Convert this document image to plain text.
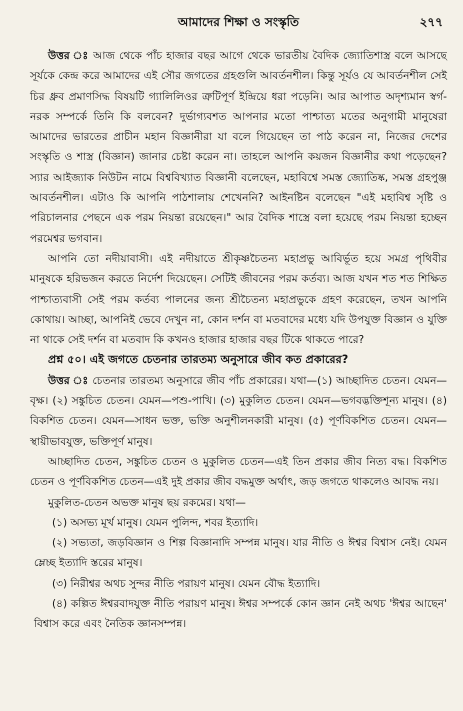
আমাদের শিক্ষা ও সংস্কৃতি	২৭৭

উত্তর ঃ আজ থেকে পাঁচ হাজার বছর আগে থেকে ভারতীয় বৈদিক জ্যোতিশাস্ত্র বলে আসছে সূর্যকে কেন্দ্র করে আমাদের এই সৌর জগতের গ্রহগুলি আবর্তনশীল। কিন্তু সূর্যও যে আবর্তনশীল সেই চির ধ্রুব প্রমাণসিদ্ধ বিষয়টি গ্যালিলিওর ত্রুটিপূর্ণ ইন্দ্রিয়ে ধরা পড়েনি। আর আপাত অদৃশ্যমান স্বর্গ-নরক সম্পর্কে তিনি কি বলবেন? দুর্ভাগ্যবশত আপনার মতো পাশ্চাত্য মতের অনুগামী মানুষেরা আমাদের ভারতের প্রাচীন মহান বিজ্ঞানীরা যা বলে গিয়েছেন তা পাঠ করেন না, নিজের দেশের সংস্কৃতি ও শাস্ত্র (বিজ্ঞান) জানার চেষ্টা করেন না। তাহলে আপনি কয়জন বিজ্ঞানীর কথা পড়েছেন? স্যার আইজ্যাক নিউটন নামে বিশ্ববিখ্যাত বিজ্ঞানী বলেছেন, মহাবিশ্বে সমস্ত জ্যোতিষ্ক, সমস্ত গ্রহপুঞ্জ আবর্তনশীল। এটাও কি আপনি পাঠশালায় শেখেননি? আইনষ্টিন বলেছেন "এই মহাবিশ্ব সৃষ্টি ও পরিচালনার পেছনে এক পরম নিয়ন্তা রয়েছেন।" আর বৈদিক শাস্ত্রে বলা হয়েছে পরম নিয়ন্তা হচ্ছেন পরমেশ্বর ভগবান।

আপনি তো নদীয়াবাসী। এই নদীয়াতে শ্রীকৃষ্ণচৈতন্য মহাপ্রভু আবির্ভূত হয়ে সমগ্র পৃথিবীর মানুষকে হরিভজন করতে নির্দেশ দিয়েছেন। সেটিই জীবনের পরম কর্তব্য। আজ যখন শত শত শিক্ষিত পাশ্চাত্যবাসী সেই পরম কর্তব্য পালনের জন্য শ্রীচৈতন্য মহাপ্রভুকে গ্রহণ করেছেন, তখন আপনি কোথায়। আচ্ছা, আপনিই ভেবে দেখুন না, কোন দর্শন বা মতবাদের মধ্যে যদি উপযুক্ত বিজ্ঞান ও যুক্তি না থাকে সেই দর্শন বা মতবাদ কি কখনও হাজার হাজার বছর টিকে থাকতে পারে?

প্রশ্ন ৫০। এই জগতে চেতনার তারতম্য অনুসারে জীব কত প্রকারের?

উত্তর ঃ চেতনার তারতম্য অনুসারে জীব পাঁচ প্রকারের। যথা—(১) আচ্ছাদিত চেতন। যেমন—বৃক্ষ। (২) সঙ্কুচিত চেতন। যেমন—পশু-পাখি। (৩) মুকুলিত চেতন। যেমন—ভগবদ্ভক্তিশূন্য মানুষ। (৪) বিকশিত চেতন। যেমন—সাধন ভক্ত, ভক্তি অনুশীলনকারী মানুষ। (৫) পূর্ণবিকশিত চেতন। যেমন—স্থায়ীভাবযুক্ত, ভক্তিপূর্ণ মানুষ।

আচ্ছাদিত চেতন, সঙ্কুচিত চেতন ও মুকুলিত চেতন—এই তিন প্রকার জীব নিত্য বদ্ধ। বিকশিত চেতন ও পূর্ণবিকশিত চেতন—এই দুই প্রকার জীব বদ্ধমুক্ত অর্থাৎ, জড় জগতে থাকলেও আবদ্ধ নয়।

মুকুলিত-চেতন অভক্ত মানুষ ছয় রকমের। যথা—

(১) অসভ্য মূর্খ মানুষ। যেমন পুলিন্দ, শবর ইত্যাদি।

(২) সভ্যতা, জড়বিজ্ঞান ও শিল্প বিজ্ঞানাদি সম্পন্ন মানুষ। যার নীতি ও ঈশ্বর বিশ্বাস নেই। যেমন ম্লেচ্ছ ইত্যাদি স্তরের মানুষ।

(৩) নিরীশ্বর অথচ সুন্দর নীতি পরায়ণ মানুষ। যেমন বৌদ্ধ ইত্যাদি।

(৪) কল্পিত ঈশ্বরবাদযুক্ত নীতি পরায়ণ মানুষ। ঈশ্বর সম্পর্কে কোন জ্ঞান নেই অথচ 'ঈশ্বর আছেন' বিশ্বাস করে এবং নৈতিক জ্ঞানসম্পন্ন।
